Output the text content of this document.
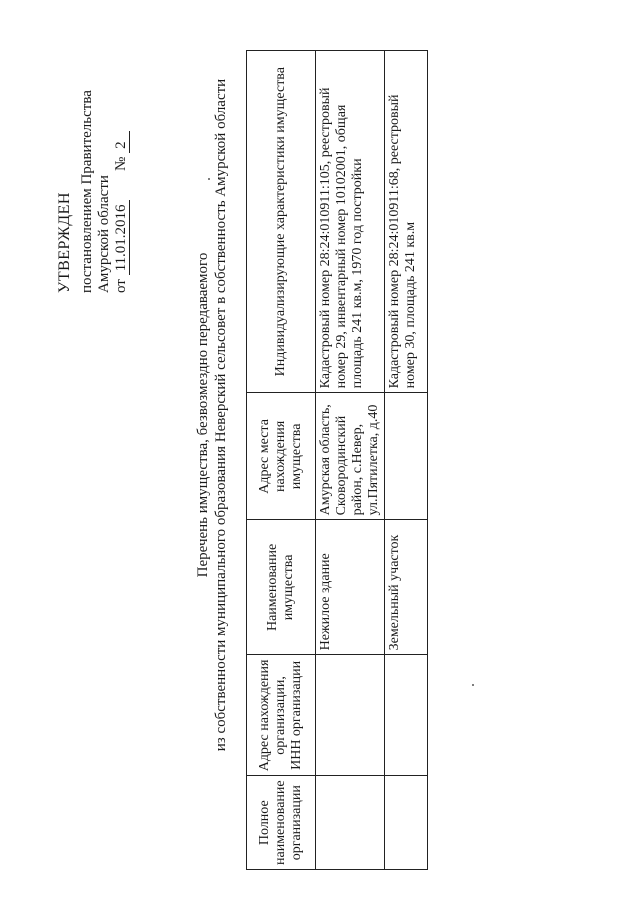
УТВЕРЖДЕН постановлением Правительства Амурской области от 11.01.2016  № 2
Перечень имущества, безвозмездно передаваемого из собственности муниципального образования Неверский сельсовет в собственность Амурской области
Полное наименование организации	Адрес нахождения организации, ИНН организации	Наименование имущества	Адрес места нахождения имущества	Индивидуализирующие характеристики имущества
		Нежилое здание	Амурская область, Сковородинский район, с.Невер, ул.Пятилетка, д.40	Кадастровый номер 28:24:010911:105, реестровый номер 29, инвентарный номер 10102001, общая площадь 241 кв.м, 1970 год постройки
		Земельный участок		Кадастровый номер 28:24:010911:68, реестровый номер 30, площадь 241 кв.м
